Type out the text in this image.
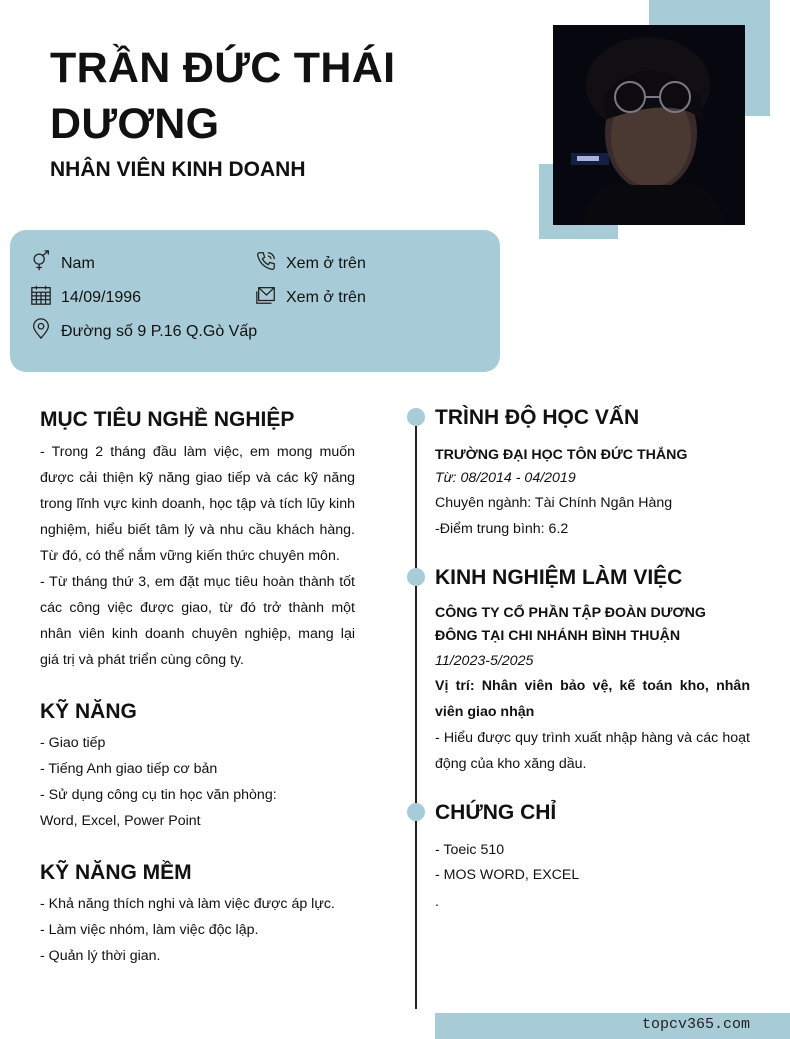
TRẦN ĐỨC THÁI DƯƠNG
NHÂN VIÊN KINH DOANH
Nam
14/09/1996
Đường số 9 P.16 Q.Gò Vấp
Xem ở trên
Xem ở trên
MỤC TIÊU NGHỀ NGHIỆP

- Trong 2 tháng đầu làm việc, em mong muốn được cải thiện kỹ năng giao tiếp và các kỹ năng trong lĩnh vực kinh doanh, học tập và tích lũy kinh nghiệm, hiểu biết tâm lý và nhu cầu khách hàng. Từ đó, có thể nắm vững kiến thức chuyên môn.

- Từ tháng thứ 3, em đặt mục tiêu hoàn thành tốt các công việc được giao, từ đó trở thành một nhân viên kinh doanh chuyên nghiệp, mang lại giá trị và phát triển cùng công ty.

KỸ NĂNG

- Giao tiếp

- Tiếng Anh giao tiếp cơ bản

- Sử dụng công cụ tin học văn phòng:

Word, Excel, Power Point

KỸ NĂNG MỀM

- Khả năng thích nghi và làm việc được áp lực.

- Làm việc nhóm, làm việc độc lập.

- Quản lý thời gian.

TRÌNH ĐỘ HỌC VẤN

TRƯỜNG ĐẠI HỌC TÔN ĐỨC THẮNG

Từ: 08/2014 - 04/2019

Chuyên ngành: Tài Chính Ngân Hàng

-Điểm trung bình: 6.2

KINH NGHIỆM LÀM VIỆC

CÔNG TY CỔ PHẦN TẬP ĐOÀN DƯƠNG ĐÔNG TẠI CHI NHÁNH BÌNH THUẬN

11/2023-5/2025

Vị trí: Nhân viên bảo vệ, kế toán kho, nhân viên giao nhận

- Hiểu được quy trình xuất nhập hàng và các hoạt động của kho xăng dầu.

CHỨNG CHỈ

- Toeic 510

- MOS WORD, EXCEL

.

topcv365.com
